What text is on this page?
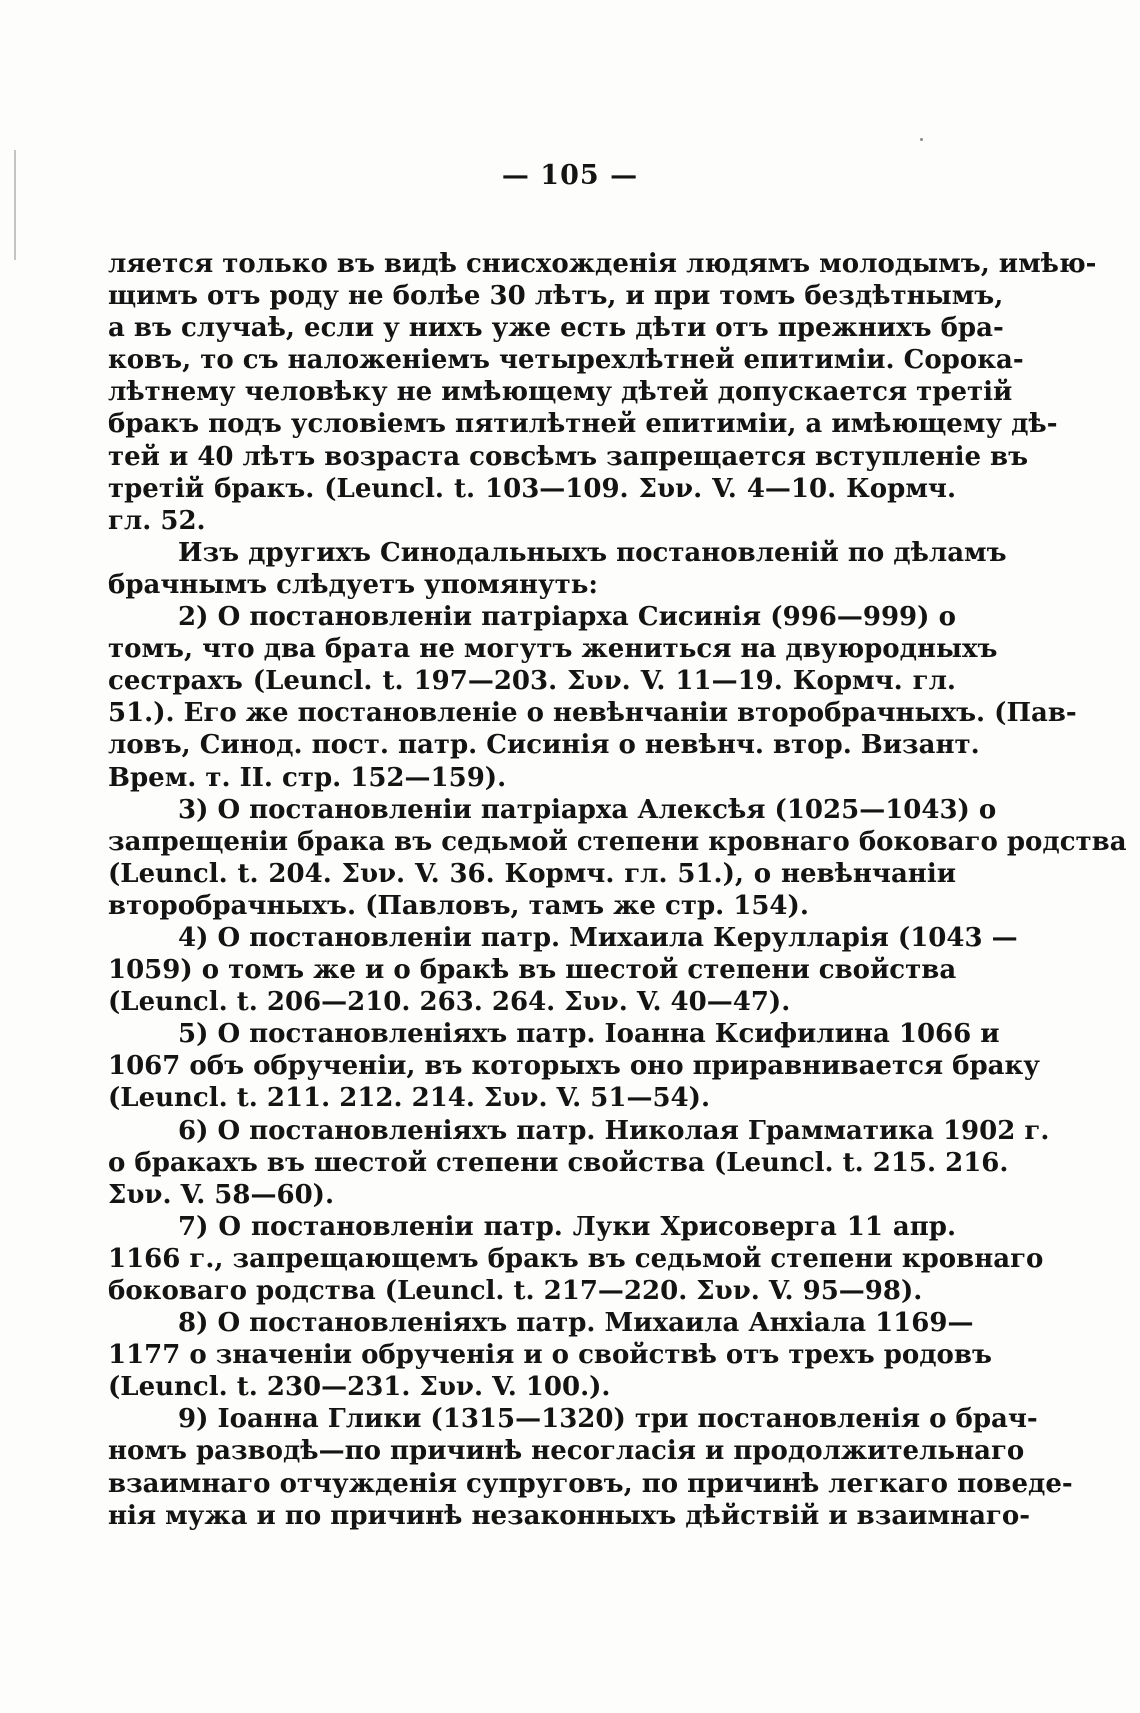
— 105 —
ляется только въ видѣ снисхожденія людямъ молодымъ, имѣю-
щимъ отъ роду не болѣе 30 лѣтъ, и при томъ бездѣтнымъ,
а въ случаѣ, если у нихъ уже есть дѣти отъ прежнихъ бра-
ковъ, то съ наложеніемъ четырехлѣтней епитиміи. Сорока-
лѣтнему человѣку не имѣющему дѣтей допускается третій
бракъ подъ условіемъ пятилѣтней епитиміи, а имѣющему дѣ-
тей и 40 лѣтъ возраста совсѣмъ запрещается вступленіе въ
третій бракъ. (Leuncl. t. 103—109. Συν. V. 4—10. Кормч.
гл. 52.
Изъ другихъ Синодальныхъ постановленій по дѣламъ
брачнымъ слѣдуетъ упомянуть:
2) О постановленіи патріарха Сисинія (996—999) о
томъ, что два брата не могутъ жениться на двуюродныхъ
сестрахъ (Leuncl. t. 197—203. Συν. V. 11—19. Кормч. гл.
51.). Его же постановленіе о невѣнчаніи второбрачныхъ. (Пав-
ловъ, Синод. пост. патр. Сисинія о невѣнч. втор. Визант.
Врем. т. II. стр. 152—159).
3) О постановленіи патріарха Алексѣя (1025—1043) о
запрещеніи брака въ седьмой степени кровнаго боковаго родства
(Leuncl. t. 204. Συν. V. 36. Кормч. гл. 51.), о невѣнчаніи
второбрачныхъ. (Павловъ, тамъ же стр. 154).
4) О постановленіи патр. Михаила Керулларія (1043 —
1059) о томъ же и о бракѣ въ шестой степени свойства
(Leuncl. t. 206—210. 263. 264. Συν. V. 40—47).
5) О постановленіяхъ патр. Іоанна Ксифилина 1066 и
1067 объ обрученіи, въ которыхъ оно приравнивается браку
(Leuncl. t. 211. 212. 214. Συν. V. 51—54).
6) О постановленіяхъ патр. Николая Грамматика 1902 г.
о бракахъ въ шестой степени свойства (Leuncl. t. 215. 216.
Συν. V. 58—60).
7) О постановленіи патр. Луки Хрисоверга 11 апр.
1166 г., запрещающемъ бракъ въ седьмой степени кровнаго
боковаго родства (Leuncl. t. 217—220. Συν. V. 95—98).
8) О постановленіяхъ патр. Михаила Анхіала 1169—
1177 о значеніи обрученія и о свойствѣ отъ трехъ родовъ
(Leuncl. t. 230—231. Συν. V. 100.).
9) Іоанна Глики (1315—1320) три постановленія о брач-
номъ разводѣ—по причинѣ несогласія и продолжительнаго
взаимнаго отчужденія супруговъ, по причинѣ легкаго поведе-
нія мужа и по причинѣ незаконныхъ дѣйствій и взаимнаго-
